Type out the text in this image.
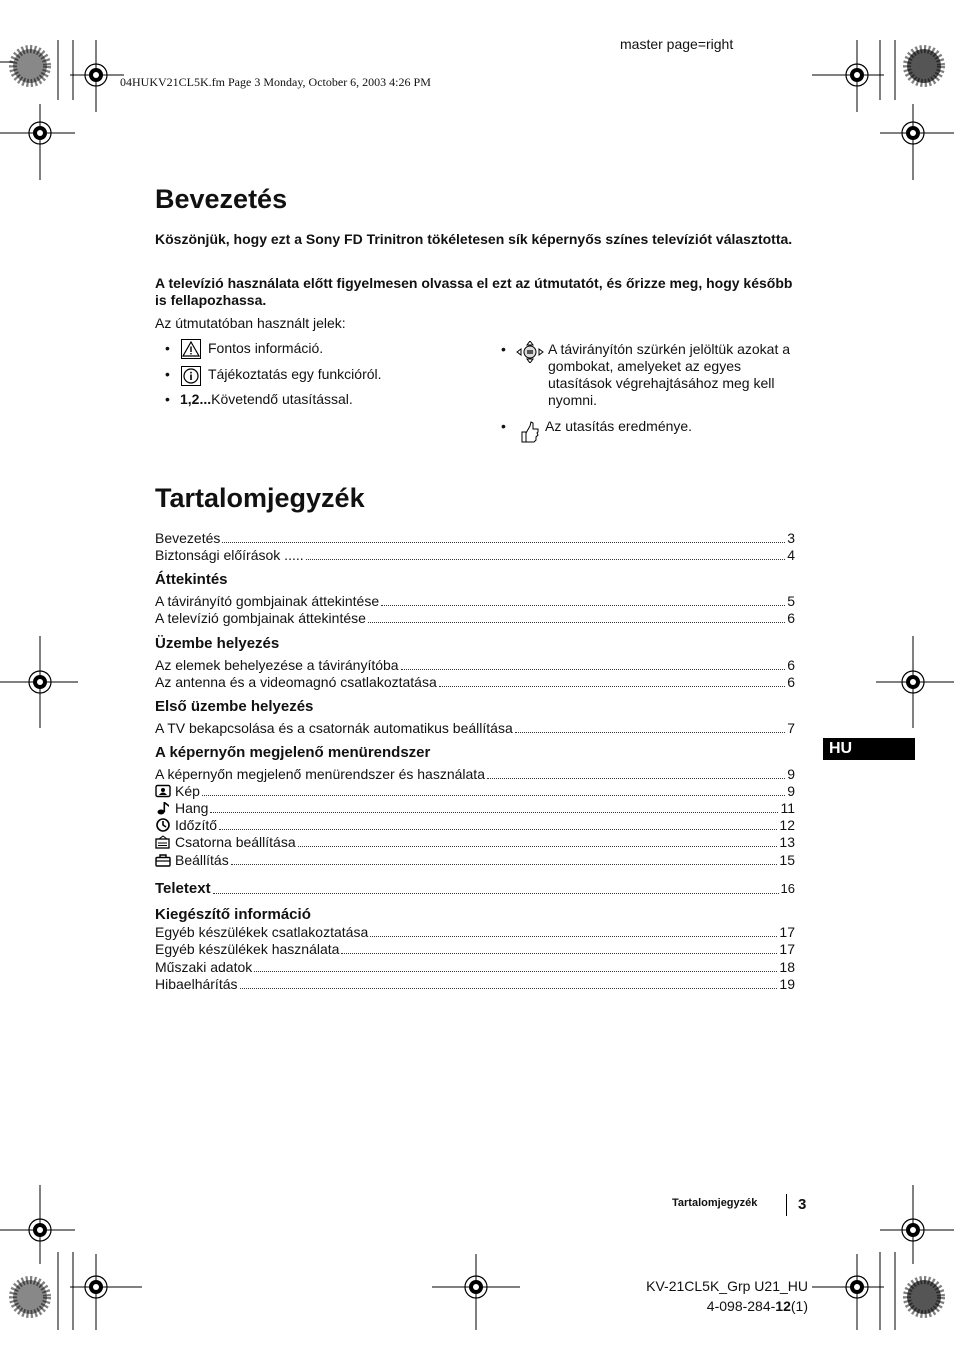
master page=right
04HUKV21CL5K.fm Page 3 Monday, October 6, 2003 4:26 PM
Bevezetés
Köszönjük, hogy ezt a Sony FD Trinitron tökéletesen sík képernyős színes televíziót választotta.
A televízió használata előtt figyelmesen olvassa el ezt az útmutatót, és őrizze meg, hogy később is fellapozhassa.
Az útmutatóban használt jelek:
•	Fontos információ.
•	Tájékoztatás egy funkcióról.
• 1,2...Követendő utasítással.
•	A távirányítón szürkén jelöltük azokat a gombokat, amelyeket az egyes utasítások végrehajtásához meg kell nyomni.
•	Az utasítás eredménye.
Tartalomjegyzék
Bevezetés	3
Biztonsági előírások .....	4
Áttekintés
A távirányító gombjainak áttekintése	5
A televízió gombjainak áttekintése	6
Üzembe helyezés
Az elemek behelyezése a távirányítóba	6
Az antenna és a videomagnó csatlakoztatása	6
Első üzembe helyezés
A TV bekapcsolása és a csatornák automatikus beállítása	7
A képernyőn megjelenő menürendszer
A képernyőn megjelenő menürendszer és használata	9
Kép	9
Hang	11
Időzítő	12
Csatorna beállítása	13
Beállítás	15
Teletext	16
Kiegészítő információ
Egyéb készülékek csatlakoztatása	17
Egyéb készülékek használata	17
Műszaki adatok	18
Hibaelhárítás	19
HU
Tartalomjegyzék	3
KV-21CL5K_Grp U21_HU
4-098-284-12(1)
